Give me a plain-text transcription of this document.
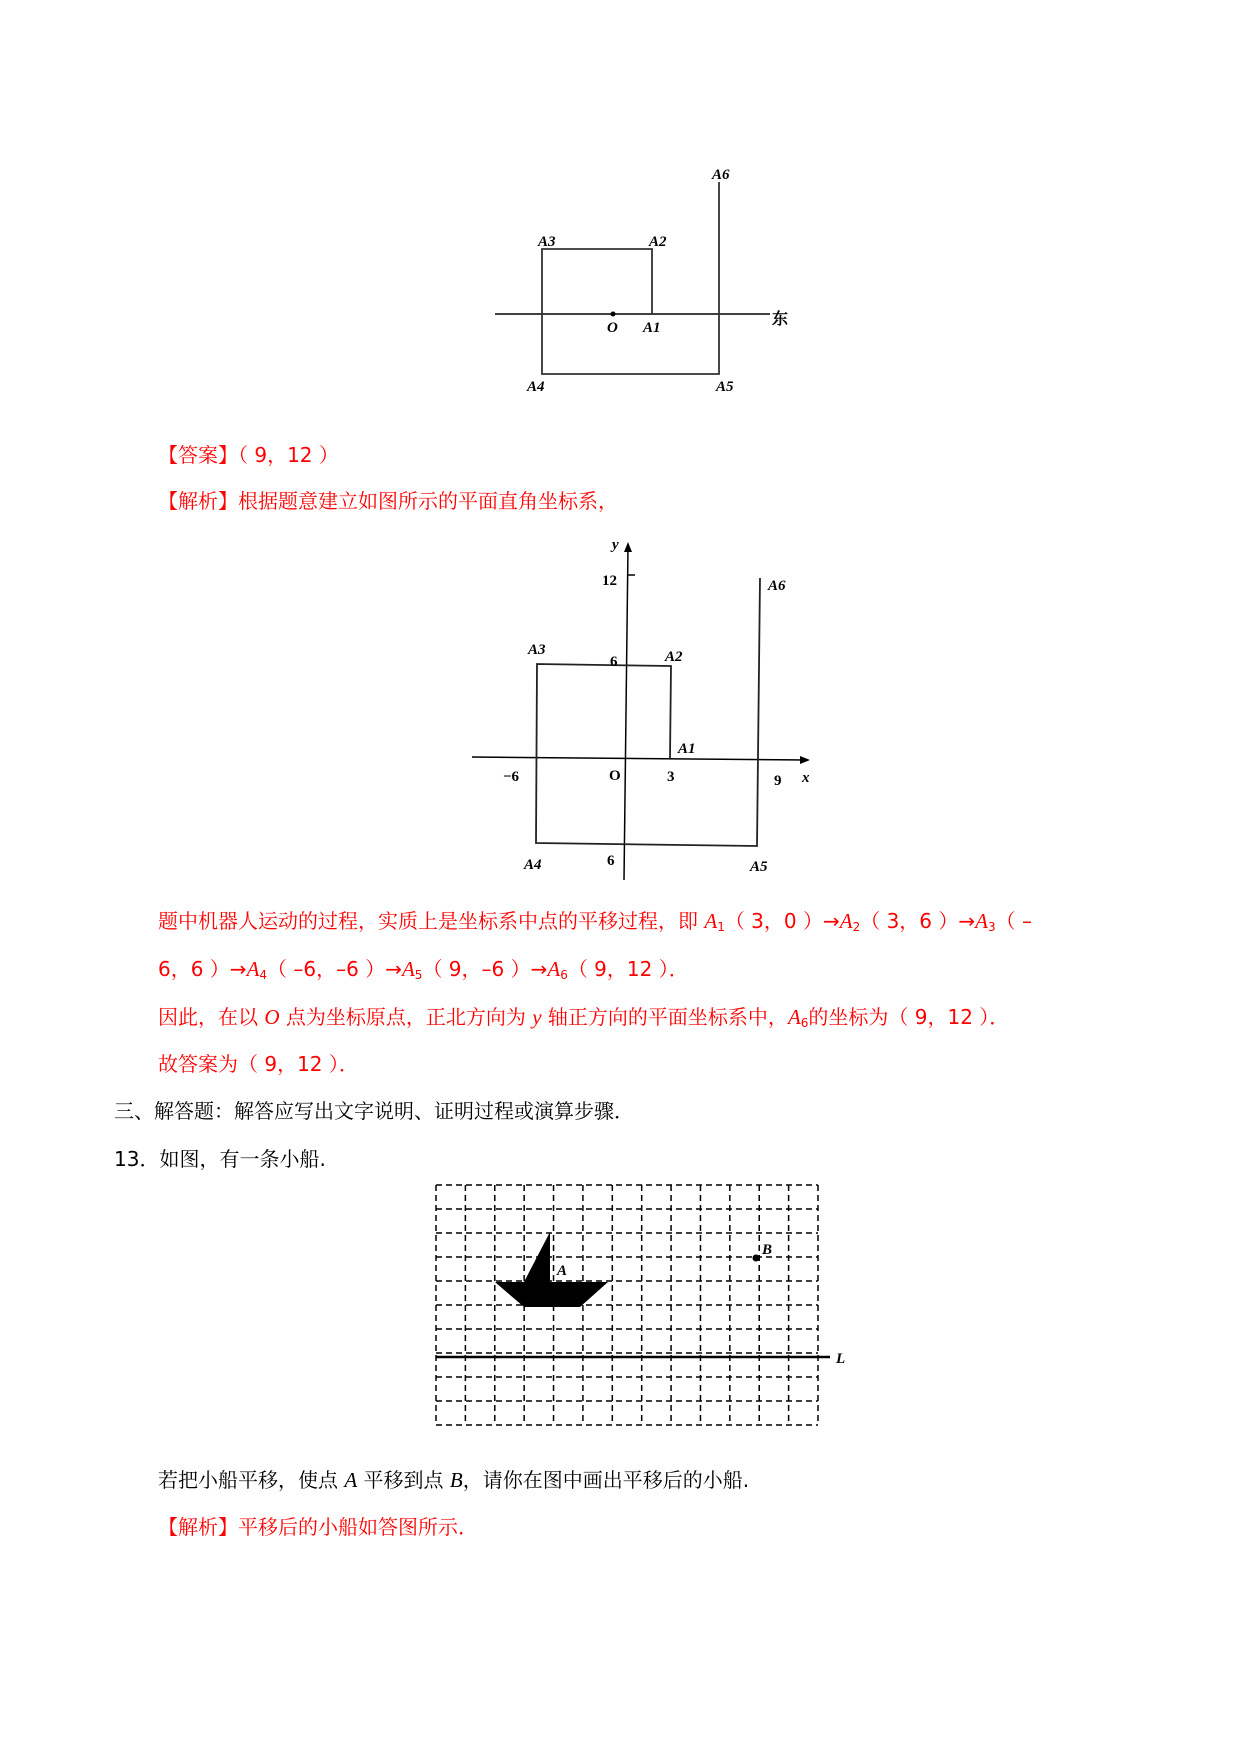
O	东
A1
A2
A3
A4	A5
A6
【答案】（ 9，12 ）
【解析】根据题意建立如图所示的平面直角坐标系，
y
x
O
12
6
6
−6	3	9
A1
A2
A3
A4	A5
A6
题中机器人运动的过程，实质上是坐标系中点的平移过程，即 $A_1$（ 3，0 ）$\to A_2$（ 3，6 ）$\to A_3$（ –
6，6 ）$\to A_4$（ –6，–6 ）$\to A_5$（ 9，–6 ）$\to A_6$（ 9，12 ）．
因此，在以 O 点为坐标原点，正北方向为 y 轴正方向的平面坐标系中，$A_6$的坐标为（ 9，12 ）．
故答案为（ 9，12 ）．
三、解答题：解答应写出文字说明、证明过程或演算步骤．
13．如图，有一条小船.
A
B
L
若把小船平移，使点 A 平移到点 B，请你在图中画出平移后的小船.
【解析】平移后的小船如答图所示．
